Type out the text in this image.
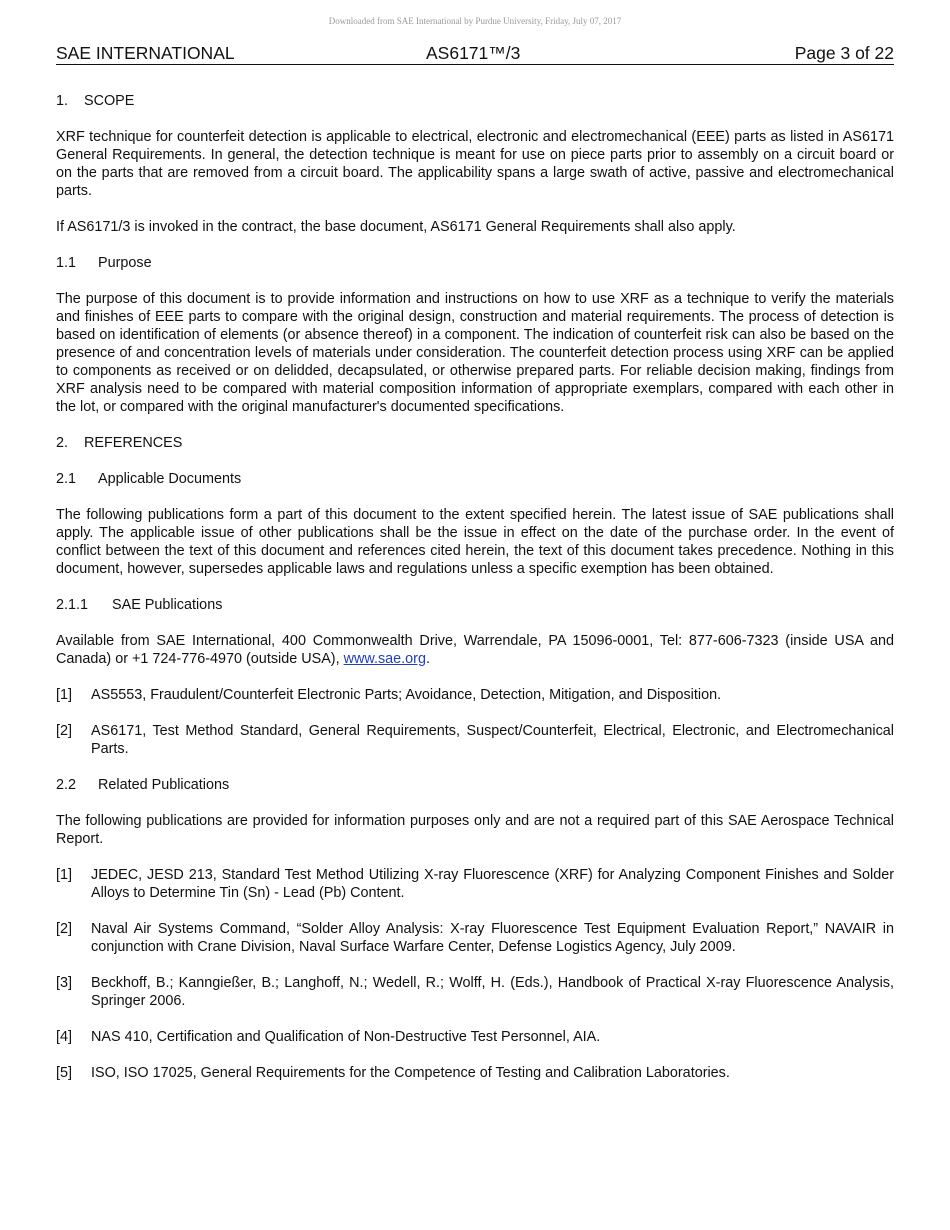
Downloaded from SAE International by Purdue University, Friday, July 07, 2017
SAE INTERNATIONAL	AS6171™/3	Page 3 of 22
1. SCOPE

XRF technique for counterfeit detection is applicable to electrical, electronic and electromechanical (EEE) parts as listed in AS6171 General Requirements. In general, the detection technique is meant for use on piece parts prior to assembly on a circuit board or on the parts that are removed from a circuit board. The applicability spans a large swath of active, passive and electromechanical parts.

If AS6171/3 is invoked in the contract, the base document, AS6171 General Requirements shall also apply.

1.1 Purpose

The purpose of this document is to provide information and instructions on how to use XRF as a technique to verify the materials and finishes of EEE parts to compare with the original design, construction and material requirements. The process of detection is based on identification of elements (or absence thereof) in a component. The indication of counterfeit risk can also be based on the presence of and concentration levels of materials under consideration. The counterfeit detection process using XRF can be applied to components as received or on delidded, decapsulated, or otherwise prepared parts. For reliable decision making, findings from XRF analysis need to be compared with material composition information of appropriate exemplars, compared with each other in the lot, or compared with the original manufacturer's documented specifications.

2. REFERENCES
2.1 Applicable Documents

The following publications form a part of this document to the extent specified herein. The latest issue of SAE publications shall apply. The applicable issue of other publications shall be the issue in effect on the date of the purchase order. In the event of conflict between the text of this document and references cited herein, the text of this document takes precedence. Nothing in this document, however, supersedes applicable laws and regulations unless a specific exemption has been obtained.

2.1.1 SAE Publications

Available from SAE International, 400 Commonwealth Drive, Warrendale, PA 15096-0001, Tel: 877-606-7323 (inside USA and Canada) or +1 724-776-4970 (outside USA), www.sae.org.

[1]	AS5553, Fraudulent/Counterfeit Electronic Parts; Avoidance, Detection, Mitigation, and Disposition.
[2]	AS6171, Test Method Standard, General Requirements, Suspect/Counterfeit, Electrical, Electronic, and Electromechanical Parts.
2.2 Related Publications

The following publications are provided for information purposes only and are not a required part of this SAE Aerospace Technical Report.

[1]	JEDEC, JESD 213, Standard Test Method Utilizing X-ray Fluorescence (XRF) for Analyzing Component Finishes and Solder Alloys to Determine Tin (Sn) - Lead (Pb) Content.
[2]	Naval Air Systems Command, “Solder Alloy Analysis: X-ray Fluorescence Test Equipment Evaluation Report,” NAVAIR in conjunction with Crane Division, Naval Surface Warfare Center, Defense Logistics Agency, July 2009.
[3]	Beckhoff, B.; Kanngießer, B.; Langhoff, N.; Wedell, R.; Wolff, H. (Eds.), Handbook of Practical X-ray Fluorescence Analysis, Springer 2006.
[4]	NAS 410, Certification and Qualification of Non-Destructive Test Personnel, AIA.
[5]	ISO, ISO 17025, General Requirements for the Competence of Testing and Calibration Laboratories.
